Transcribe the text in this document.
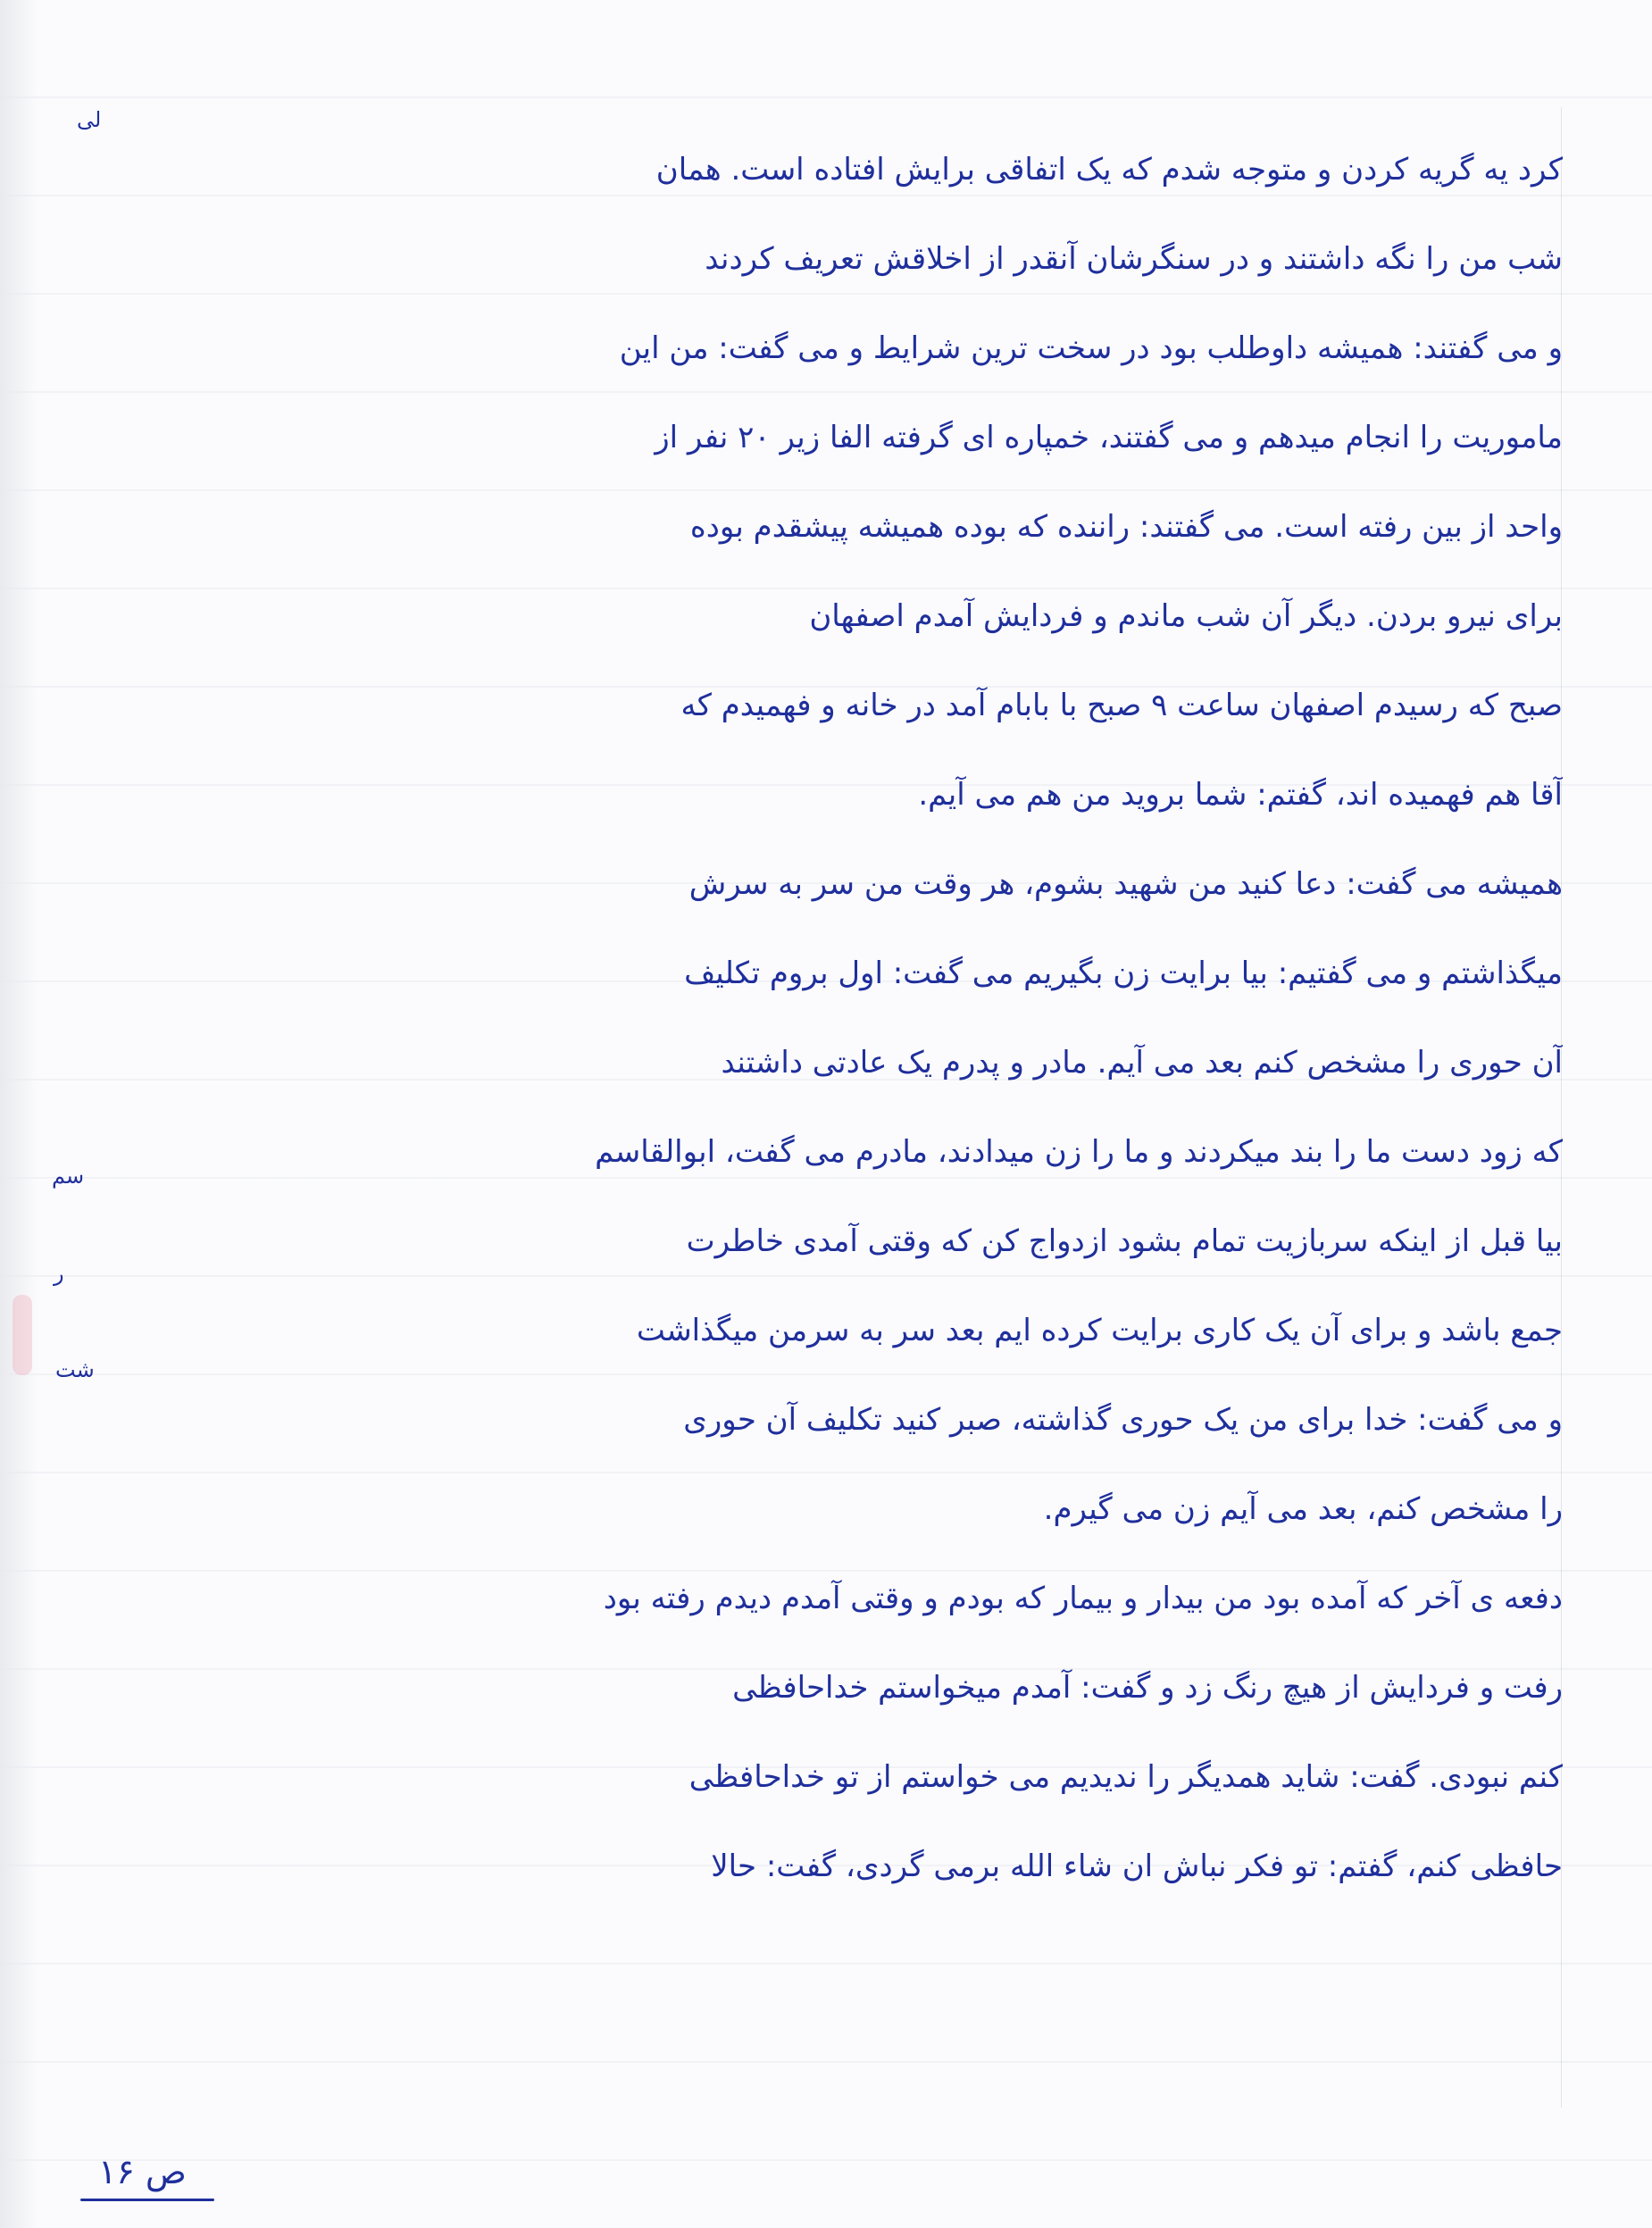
لی
سم
ر
شت
کرد یه گریه کردن و متوجه شدم که یک اتفاقی برایش افتاده است. همان
شب من را نگه داشتند و در سنگرشان آنقدر از اخلاقش تعریف کردند
و می گفتند: همیشه داوطلب بود در سخت ترین شرایط و می گفت: من این
ماموریت را انجام میدهم و می گفتند، خمپاره ای گرفته الفا زیر ۲۰ نفر از
واحد از بین رفته است. می گفتند: راننده که بوده همیشه پیشقدم بوده
برای نیرو بردن. دیگر آن شب ماندم و فردایش آمدم اصفهان
صبح که رسیدم اصفهان ساعت ۹ صبح با بابام آمد در خانه و فهمیدم که
آقا هم فهمیده اند، گفتم: شما بروید من هم می آیم.
همیشه می گفت: دعا کنید من شهید بشوم، هر وقت من سر به سرش
میگذاشتم و می گفتیم: بیا برایت زن بگیریم می گفت: اول بروم تکلیف
آن حوری را مشخص کنم بعد می آیم. مادر و پدرم یک عادتی داشتند
که زود دست ما را بند میکردند و ما را زن میدادند، مادرم می گفت، ابوالقاسم
بیا قبل از اینکه سربازیت تمام بشود ازدواج کن که وقتی آمدی خاطرت
جمع باشد و برای آن یک کاری برایت کرده ایم بعد سر به سرمن میگذاشت
و می گفت: خدا برای من یک حوری گذاشته، صبر کنید تکلیف آن حوری
را مشخص کنم، بعد می آیم زن می گیرم.
دفعه ی آخر که آمده بود من بیدار و بیمار که بودم و وقتی آمدم دیدم رفته بود
رفت و فردایش از هیچ رنگ زد و گفت: آمدم میخواستم خداحافظی
کنم نبودی. گفت: شاید همدیگر را ندیدیم می خواستم از تو خداحافظی
حافظی کنم، گفتم: تو فکر نباش ان شاء الله برمی گردی، گفت: حالا
ص ۱۶
